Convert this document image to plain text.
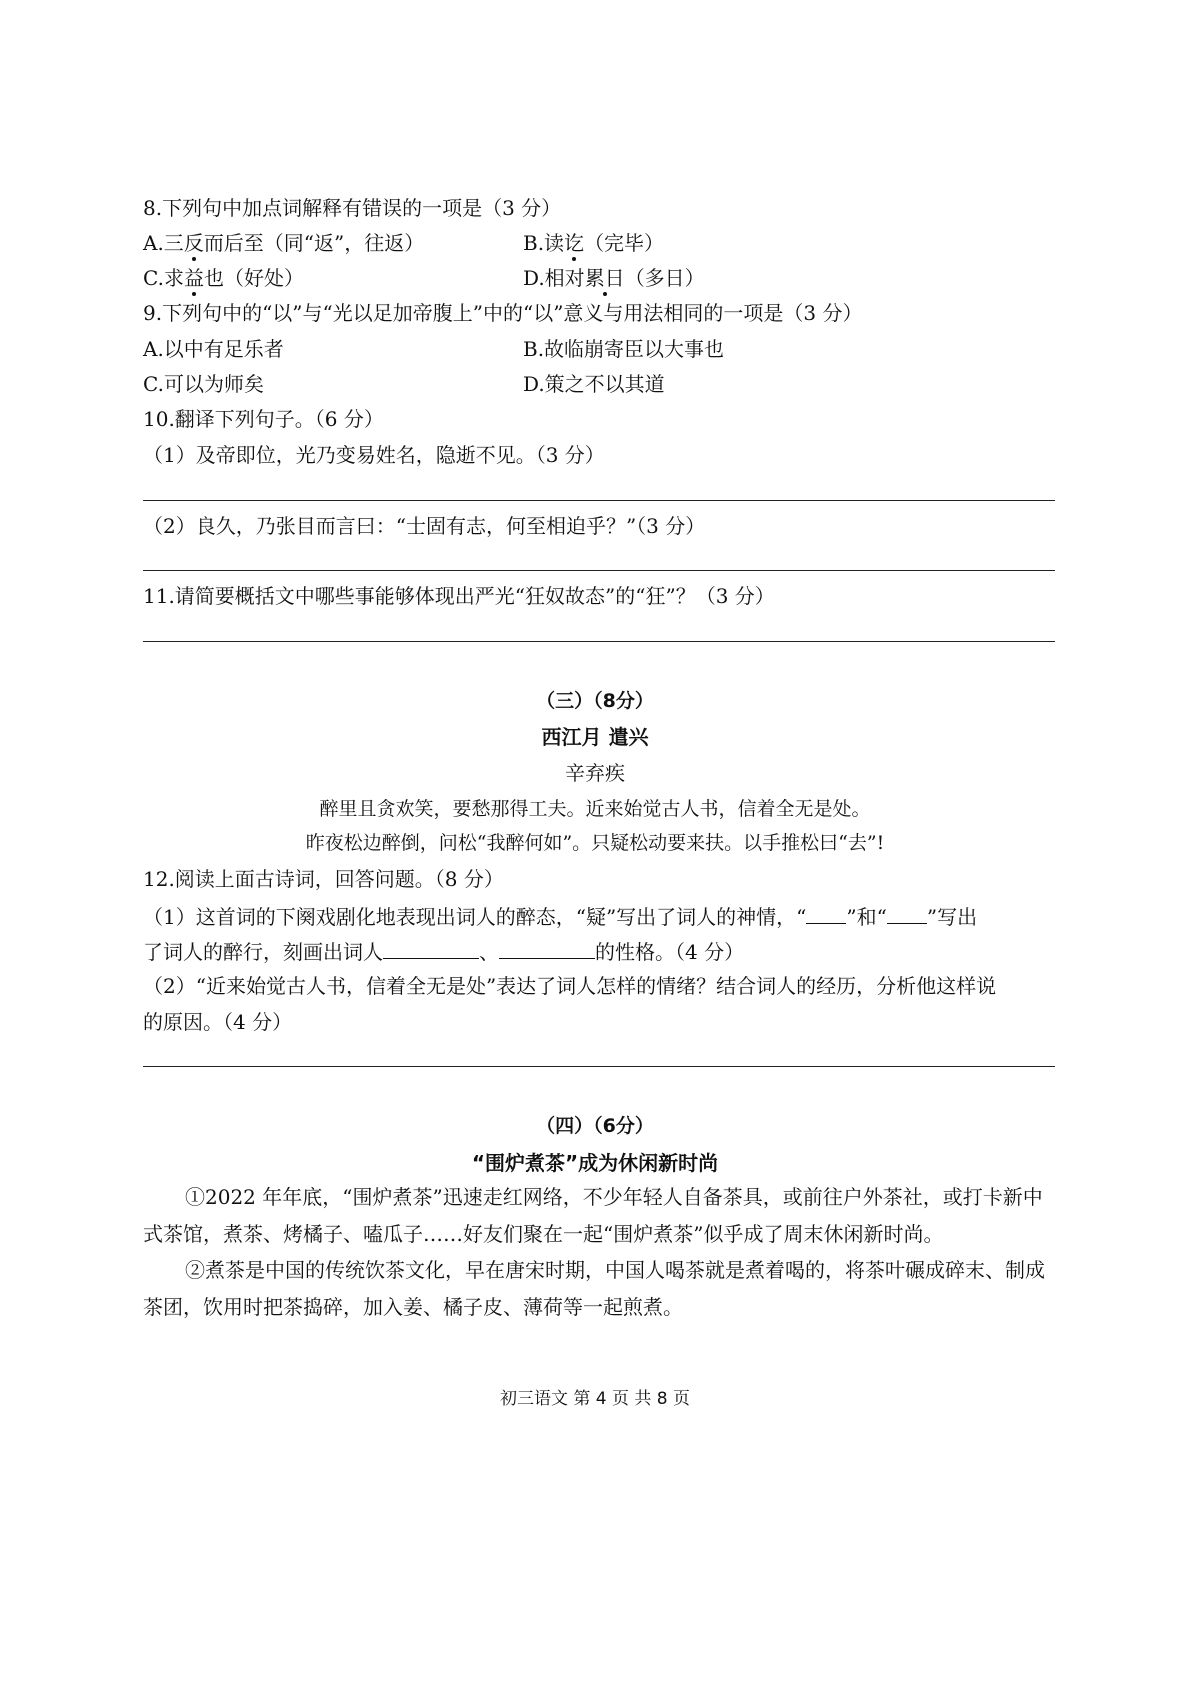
8.下列句中加点词解释有错误的一项是（3 分）
A.三反而后至（同“返”，往返）	B.读讫（完毕）
C.求益也（好处）	D.相对累日（多日）
9.下列句中的“以”与“光以足加帝腹上”中的“以”意义与用法相同的一项是（3 分）
A.以中有足乐者	B.故临崩寄臣以大事也
C.可以为师矣	D.策之不以其道
10.翻译下列句子。（6 分）
（1）及帝即位，光乃变易姓名，隐逝不见。（3 分）
（2）良久，乃张目而言曰：“士固有志，何至相迫乎？”（3 分）
11.请简要概括文中哪些事能够体现出严光“狂奴故态”的“狂”？（3 分）
（三）（8分）
西江月 遣兴
辛弃疾
醉里且贪欢笑，要愁那得工夫。近来始觉古人书，信着全无是处。
昨夜松边醉倒，问松“我醉何如”。只疑松动要来扶。以手推松曰“去”!
12.阅读上面古诗词，回答问题。（8 分）
（1）这首词的下阕戏剧化地表现出词人的醉态，“疑”写出了词人的神情，“ ”和“ ”写出
了词人的醉行，刻画出词人	、	的性格。（4 分）
（2）“近来始觉古人书，信着全无是处”表达了词人怎样的情绪？结合词人的经历，分析他这样说
的原因。（4 分）
（四）（6分）
“围炉煮茶”成为休闲新时尚
①2022 年年底，“围炉煮茶”迅速走红网络，不少年轻人自备茶具，或前往户外茶社，或打卡新中式茶馆，煮茶、烤橘子、嗑瓜子……好友们聚在一起“围炉煮茶”似乎成了周末休闲新时尚。
②煮茶是中国的传统饮茶文化，早在唐宋时期，中国人喝茶就是煮着喝的，将茶叶碾成碎末、制成茶团，饮用时把茶捣碎，加入姜、橘子皮、薄荷等一起煎煮。
初三语文 第 4 页 共 8 页
